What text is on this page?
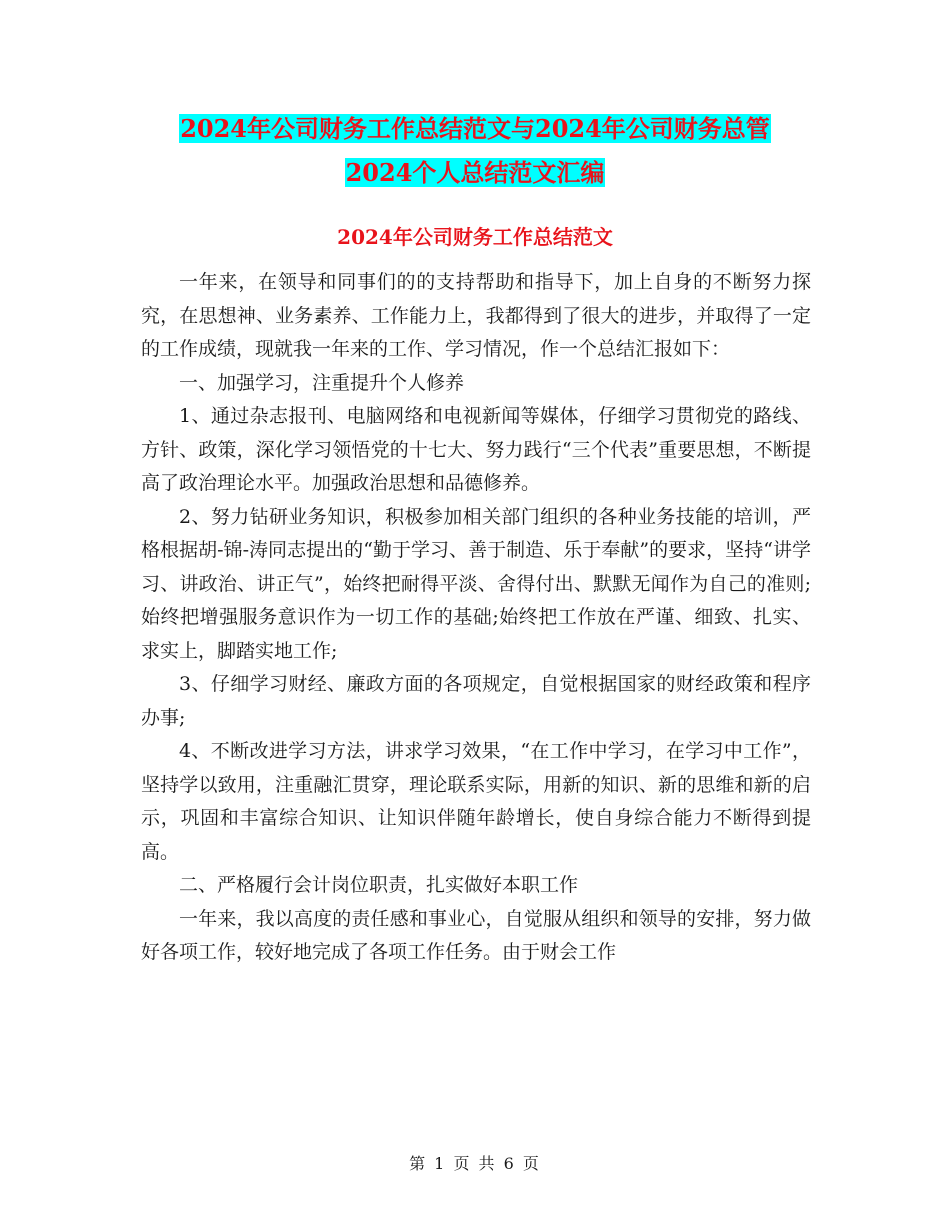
2024年公司财务工作总结范文与2024年公司财务总管
2024个人总结范文汇编
2024年公司财务工作总结范文

一年来，在领导和同事们的的支持帮助和指导下，加上自身的不断努力探究，在思想神、业务素养、工作能力上，我都得到了很大的进步，并取得了一定的工作成绩，现就我一年来的工作、学习情况，作一个总结汇报如下：

一、加强学习，注重提升个人修养

1、通过杂志报刊、电脑网络和电视新闻等媒体，仔细学习贯彻党的路线、方针、政策，深化学习领悟党的十七大、努力践行“三个代表”重要思想，不断提高了政治理论水平。加强政治思想和品德修养。

2、努力钻研业务知识，积极参加相关部门组织的各种业务技能的培训，严格根据胡-锦-涛同志提出的“勤于学习、善于制造、乐于奉献”的要求，坚持“讲学习、讲政治、讲正气”，始终把耐得平淡、舍得付出、默默无闻作为自己的准则;始终把增强服务意识作为一切工作的基础;始终把工作放在严谨、细致、扎实、求实上，脚踏实地工作;

3、仔细学习财经、廉政方面的各项规定，自觉根据国家的财经政策和程序办事;

4、不断改进学习方法，讲求学习效果，“在工作中学习，在学习中工作”，坚持学以致用，注重融汇贯穿，理论联系实际，用新的知识、新的思维和新的启示，巩固和丰富综合知识、让知识伴随年龄增长，使自身综合能力不断得到提高。

二、严格履行会计岗位职责，扎实做好本职工作

一年来，我以高度的责任感和事业心，自觉服从组织和领导的安排，努力做好各项工作，较好地完成了各项工作任务。由于财会工作

第 1 页 共 6 页
